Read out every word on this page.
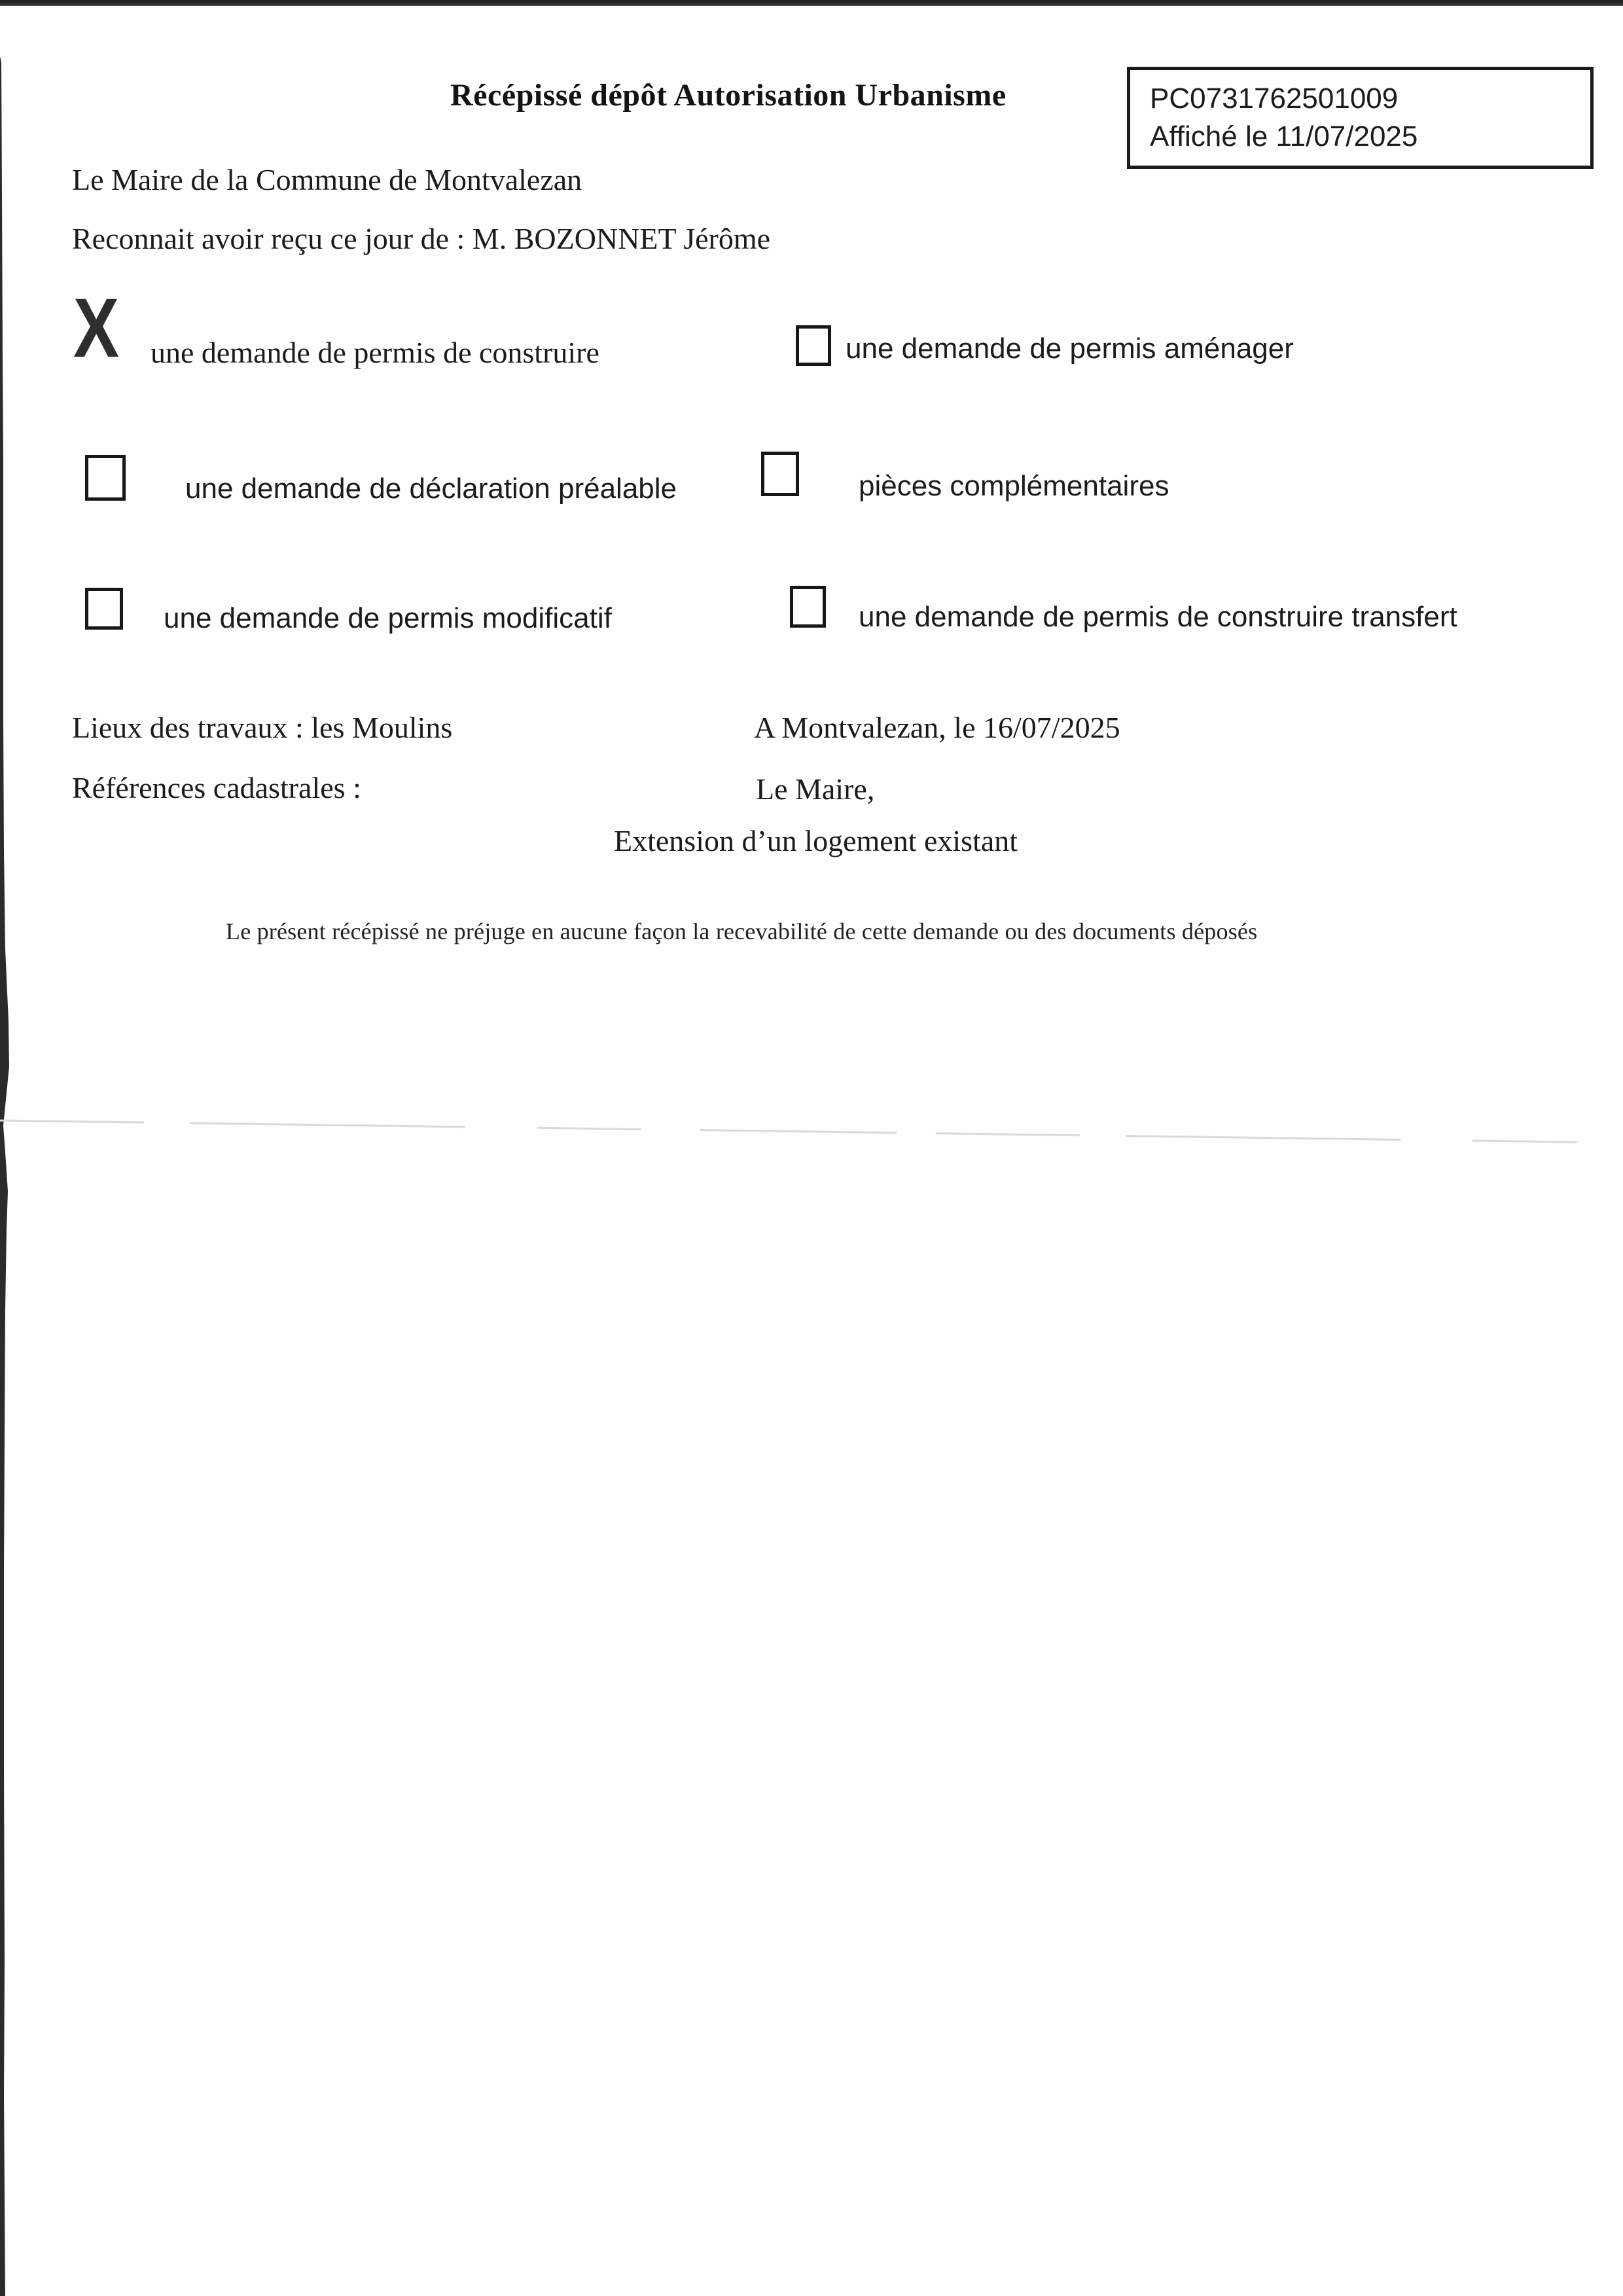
Récépissé dépôt Autorisation Urbanisme	PC0731762501009
Affiché le 11/07/2025
Le Maire de la Commune de Montvalezan
Reconnait avoir reçu ce jour de : M. BOZONNET Jérôme
X une demande de permis de construire	une demande de permis aménager
une demande de déclaration préalable	pièces complémentaires
une demande de permis modificatif	une demande de permis de construire transfert
Lieux des travaux : les Moulins	A Montvalezan, le 16/07/2025
Références cadastrales :	Le Maire,
Extension d’un logement existant
Le présent récépissé ne préjuge en aucune façon la recevabilité de cette demande ou des documents déposés
